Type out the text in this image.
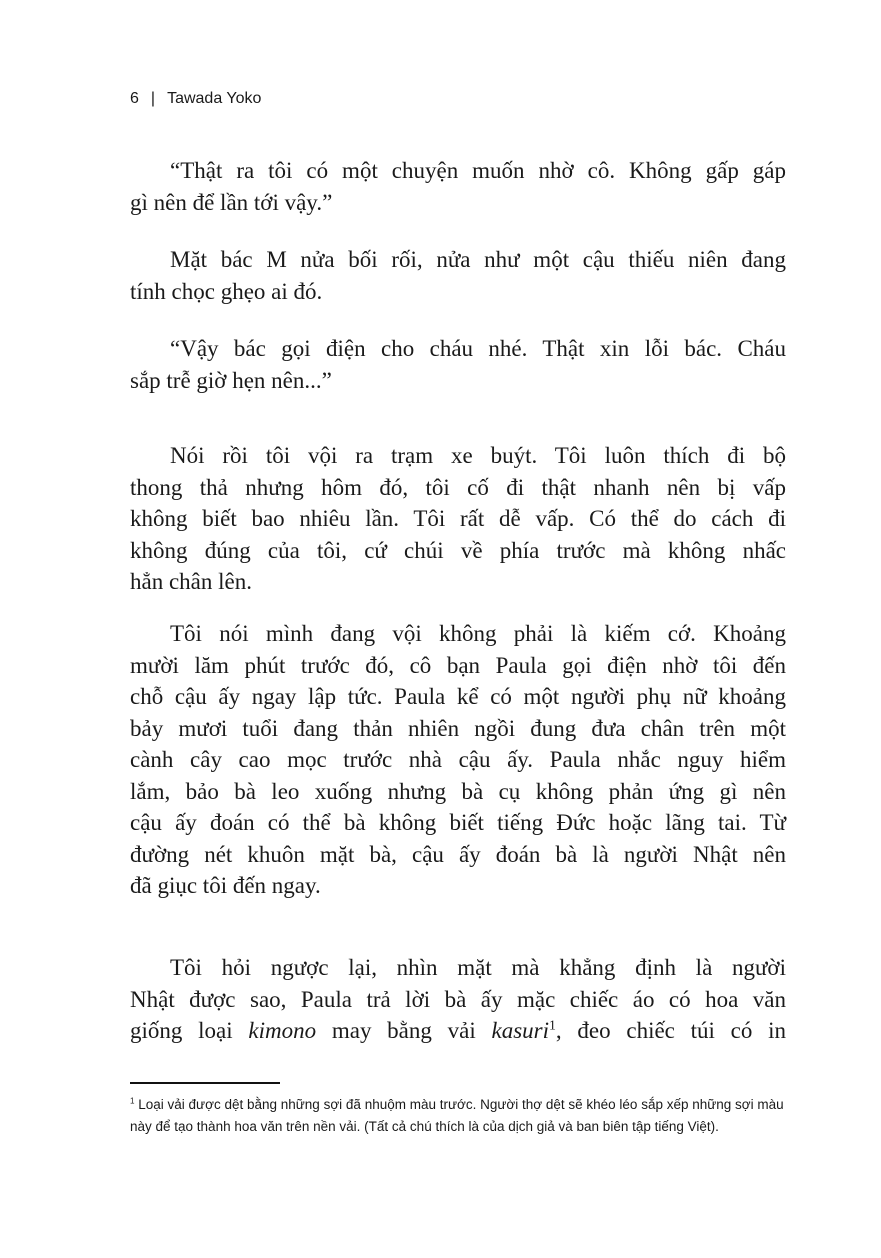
6 | Tawada Yoko
“Thật ra tôi có một chuyện muốn nhờ cô. Không gấp gáp
gì nên để lần tới vậy.”
Mặt bác M nửa bối rối, nửa như một cậu thiếu niên đang
tính chọc ghẹo ai đó.
“Vậy bác gọi điện cho cháu nhé. Thật xin lỗi bác. Cháu
sắp trễ giờ hẹn nên...”
Nói rồi tôi vội ra trạm xe buýt. Tôi luôn thích đi bộ
thong thả nhưng hôm đó, tôi cố đi thật nhanh nên bị vấp
không biết bao nhiêu lần. Tôi rất dễ vấp. Có thể do cách đi
không đúng của tôi, cứ chúi về phía trước mà không nhấc
hẳn chân lên.
Tôi nói mình đang vội không phải là kiếm cớ. Khoảng
mười lăm phút trước đó, cô bạn Paula gọi điện nhờ tôi đến
chỗ cậu ấy ngay lập tức. Paula kể có một người phụ nữ khoảng
bảy mươi tuổi đang thản nhiên ngồi đung đưa chân trên một
cành cây cao mọc trước nhà cậu ấy. Paula nhắc nguy hiểm
lắm, bảo bà leo xuống nhưng bà cụ không phản ứng gì nên
cậu ấy đoán có thể bà không biết tiếng Đức hoặc lãng tai. Từ
đường nét khuôn mặt bà, cậu ấy đoán bà là người Nhật nên
đã giục tôi đến ngay.
Tôi hỏi ngược lại, nhìn mặt mà khẳng định là người
Nhật được sao, Paula trả lời bà ấy mặc chiếc áo có hoa văn
giống loại kimono may bằng vải kasuri$^1$, đeo chiếc túi có in
$^1$ Loại vải được dệt bằng những sợi đã nhuộm màu trước. Người thợ dệt sẽ khéo léo sắp xếp những sợi màu này để tạo thành hoa văn trên nền vải. (Tất cả chú thích là của dịch giả và ban biên tập tiếng Việt).
